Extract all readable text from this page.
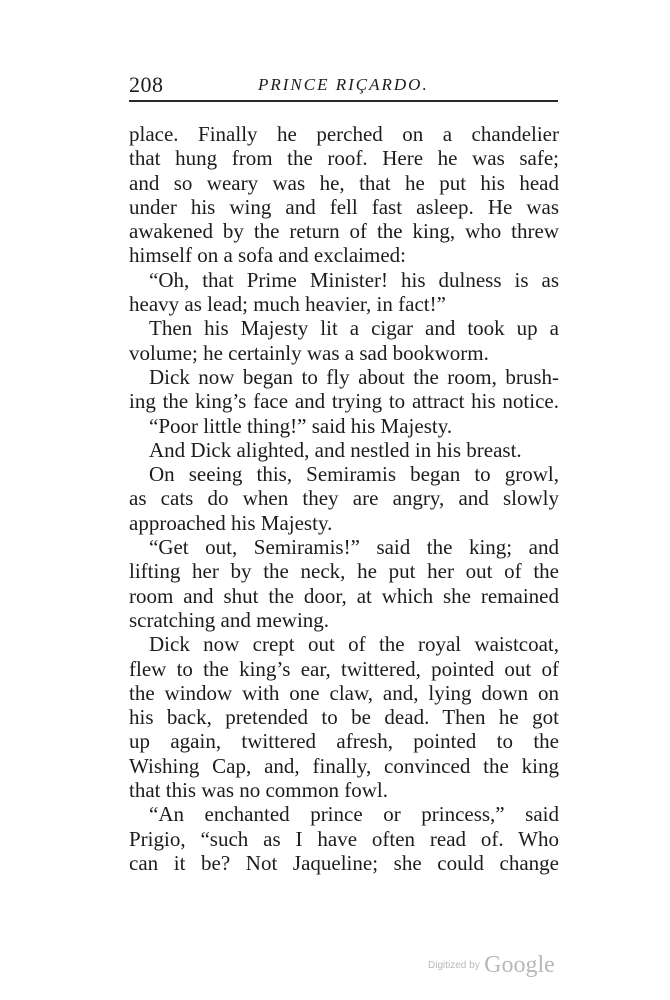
208	PRINCE RIÇARDO.
place. Finally he perched on a chandelier
that hung from the roof. Here he was safe;
and so weary was he, that he put his head
under his wing and fell fast asleep. He was
awakened by the return of the king, who threw
himself on a sofa and exclaimed:
“Oh, that Prime Minister! his dulness is as
heavy as lead; much heavier, in fact!”
Then his Majesty lit a cigar and took up a
volume; he certainly was a sad bookworm.
Dick now began to fly about the room, brush-
ing the king’s face and trying to attract his notice.
“Poor little thing!” said his Majesty.
And Dick alighted, and nestled in his breast.
On seeing this, Semiramis began to growl,
as cats do when they are angry, and slowly
approached his Majesty.
“Get out, Semiramis!” said the king; and
lifting her by the neck, he put her out of the
room and shut the door, at which she remained
scratching and mewing.
Dick now crept out of the royal waistcoat,
flew to the king’s ear, twittered, pointed out of
the window with one claw, and, lying down on
his back, pretended to be dead. Then he got
up again, twittered afresh, pointed to the
Wishing Cap, and, finally, convinced the king
that this was no common fowl.
“An enchanted prince or princess,” said
Prigio, “such as I have often read of. Who
can it be? Not Jaqueline; she could change
Digitized by Google
